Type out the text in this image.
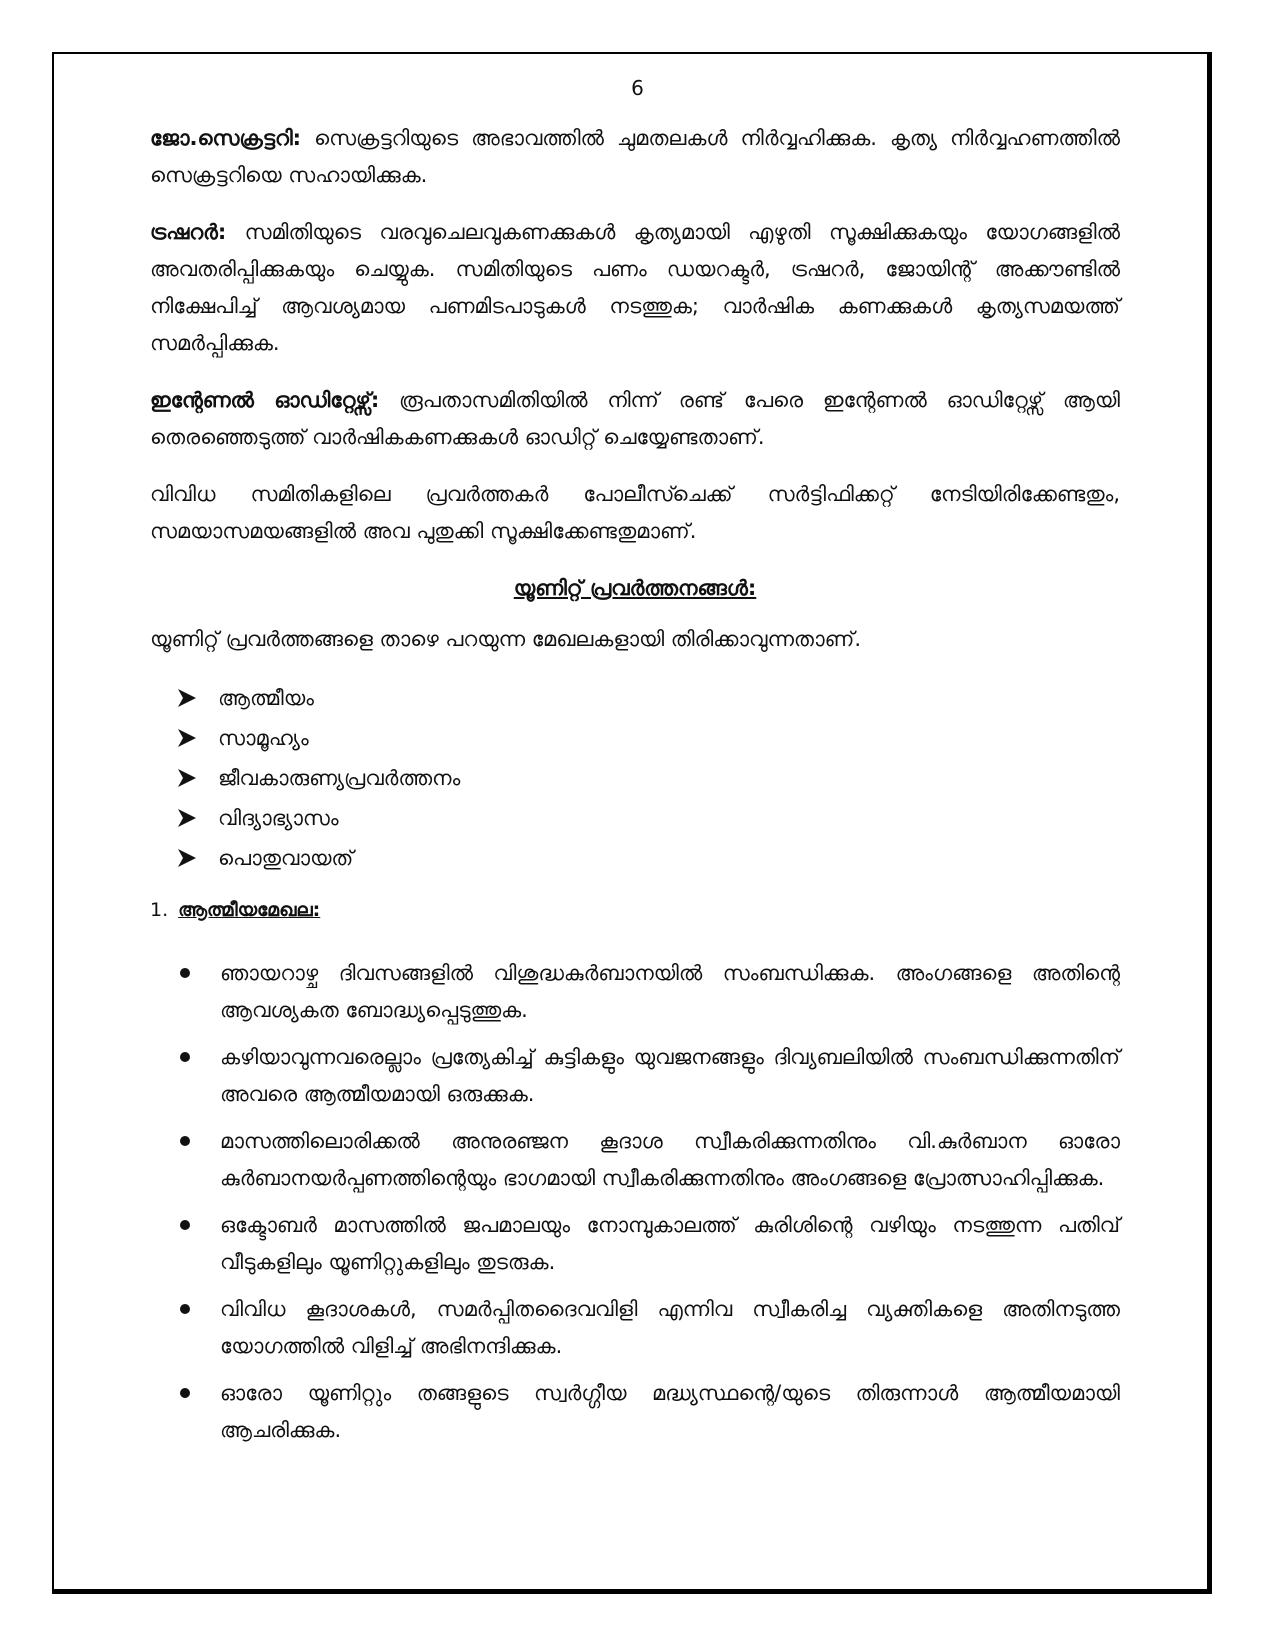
6

ജോ.സെക്രട്ടറി: സെക്രട്ടറിയുടെ അഭാവത്തിൽ ചുമതലകൾ നിർവ്വഹിക്കുക. കൃത്യ നിർവ്വഹണത്തിൽ സെക്രട്ടറിയെ സഹായിക്കുക.

ട്രഷറർ: സമിതിയുടെ വരവുചെലവുകണക്കുകൾ കൃത്യമായി എഴുതി സൂക്ഷിക്കുകയും യോഗങ്ങളിൽ അവതരിപ്പിക്കുകയും ചെയ്യുക. സമിതിയുടെ പണം ഡയറക്ടർ, ട്രഷറർ, ജോയിന്റ് അക്കൗണ്ടിൽ നിക്ഷേപിച്ച് ആവശ്യമായ പണമിടപാടുകൾ നടത്തുക; വാർഷിക കണക്കുകൾ കൃത്യസമയത്ത് സമർപ്പിക്കുക.

ഇന്റേണൽ ഓഡിറ്റേഴ്സ്: രൂപതാസമിതിയിൽ നിന്ന് രണ്ട് പേരെ ഇന്റേണൽ ഓഡിറ്റേഴ്സ് ആയി തെരഞ്ഞെടുത്ത് വാർഷികകണക്കുകൾ ഓഡിറ്റ് ചെയ്യേണ്ടതാണ്.

വിവിധ സമിതികളിലെ പ്രവർത്തകർ പോലീസ്ചെക്ക് സർട്ടിഫിക്കറ്റ് നേടിയിരിക്കേണ്ടതും, സമയാസമയങ്ങളിൽ അവ പുതുക്കി സൂക്ഷിക്കേണ്ടതുമാണ്.

യൂണിറ്റ് പ്രവർത്തനങ്ങൾ:

യൂണിറ്റ് പ്രവർത്തങ്ങളെ താഴെ പറയുന്ന മേഖലകളായി തിരിക്കാവുന്നതാണ്.

ആത്മീയം
സാമൂഹ്യം
ജീവകാരുണ്യപ്രവർത്തനം
വിദ്യാഭ്യാസം
പൊതുവായത്
1. ആത്മീയമേഖല:
ഞായറാഴ്ച ദിവസങ്ങളിൽ വിശുദ്ധകുർബാനയിൽ സംബന്ധിക്കുക. അംഗങ്ങളെ അതിന്റെ ആവശ്യകത ബോദ്ധ്യപ്പെടുത്തുക.
കഴിയാവുന്നവരെല്ലാം പ്രത്യേകിച്ച് കുട്ടികളും യുവജനങ്ങളും ദിവ്യബലിയിൽ സംബന്ധിക്കുന്നതിന് അവരെ ആത്മീയമായി ഒരുക്കുക.
മാസത്തിലൊരിക്കൽ അനുരഞ്ജന കൂദാശ സ്വീകരിക്കുന്നതിനും വി.കുർബാന ഓരോ കുർബാനയർപ്പണത്തിന്റെയും ഭാഗമായി സ്വീകരിക്കുന്നതിനും അംഗങ്ങളെ പ്രോത്സാഹിപ്പിക്കുക.
ഒക്ടോബർ മാസത്തിൽ ജപമാലയും നോമ്പുകാലത്ത് കുരിശിന്റെ വഴിയും നടത്തുന്ന പതിവ് വീടുകളിലും യൂണിറ്റുകളിലും തുടരുക.
വിവിധ കൂദാശകൾ, സമർപ്പിതദൈവവിളി എന്നിവ സ്വീകരിച്ച വ്യക്തികളെ അതിനടുത്ത യോഗത്തിൽ വിളിച്ച് അഭിനന്ദിക്കുക.
ഓരോ യൂണിറ്റും തങ്ങളുടെ സ്വർഗ്ഗീയ മദ്ധ്യസ്ഥന്റെ/യുടെ തിരുന്നാൾ ആത്മീയമായി ആചരിക്കുക.
